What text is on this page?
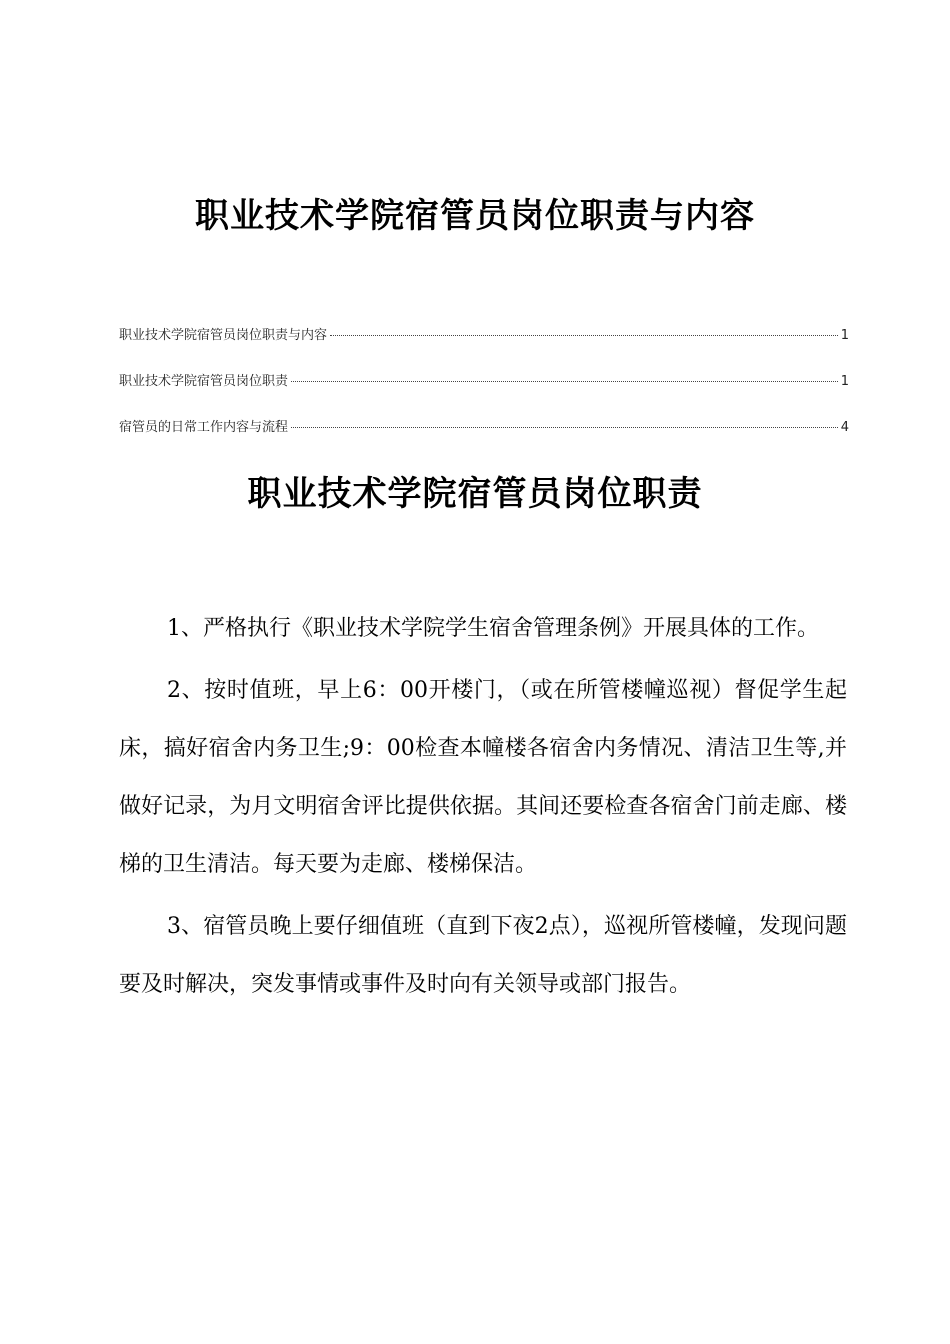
职业技术学院宿管员岗位职责与内容
职业技术学院宿管员岗位职责与内容	1
职业技术学院宿管员岗位职责	1
宿管员的日常工作内容与流程	4
职业技术学院宿管员岗位职责

1、严格执行《职业技术学院学生宿舍管理条例》开展具体的工作。

2、按时值班，早上6：00开楼门，（或在所管楼幢巡视）督促学生起床，搞好宿舍内务卫生;9：00检查本幢楼各宿舍内务情况、清洁卫生等,并做好记录，为月文明宿舍评比提供依据。其间还要检查各宿舍门前走廊、楼梯的卫生清洁。每天要为走廊、楼梯保洁。

3、宿管员晚上要仔细值班（直到下夜2点），巡视所管楼幢，发现问题要及时解决，突发事情或事件及时向有关领导或部门报告。
